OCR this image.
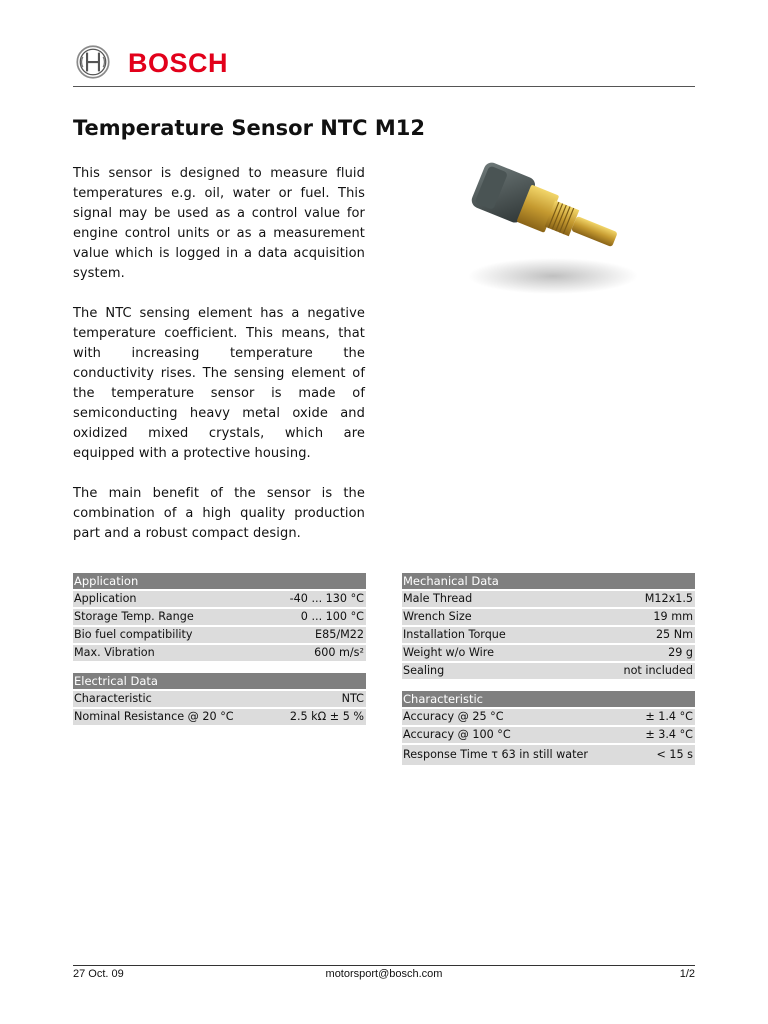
BOSCH
Temperature Sensor NTC M12

This sensor is designed to measure fluid temperatures e.g. oil, water or fuel. This signal may be used as a control value for engine control units or as a measurement value which is logged in a data acquisition system.

The NTC sensing element has a negative temperature coefficient. This means, that with increasing temperature the conductivity rises. The sensing element of the temperature sensor is made of semiconducting heavy metal oxide and oxidized mixed crystals, which are equipped with a protective housing.

The main benefit of the sensor is the combination of a high quality production part and a robust compact design.

Application
Application	-40 ... 130 °C
Storage Temp. Range	0 ... 100 °C
Bio fuel compatibility	E85/M22
Max. Vibration	600 m/s²
Electrical Data
Characteristic	NTC
Nominal Resistance @ 20 °C	2.5 kΩ ± 5 %
Mechanical Data
Male Thread	M12x1.5
Wrench Size	19 mm
Installation Torque	25 Nm
Weight w/o Wire	29 g
Sealing	not included
Characteristic
Accuracy @ 25 °C	± 1.4 °C
Accuracy @ 100 °C	± 3.4 °C
Response Time τ 63 in still water	< 15 s
27 Oct. 09	motorsport@bosch.com	1/2
